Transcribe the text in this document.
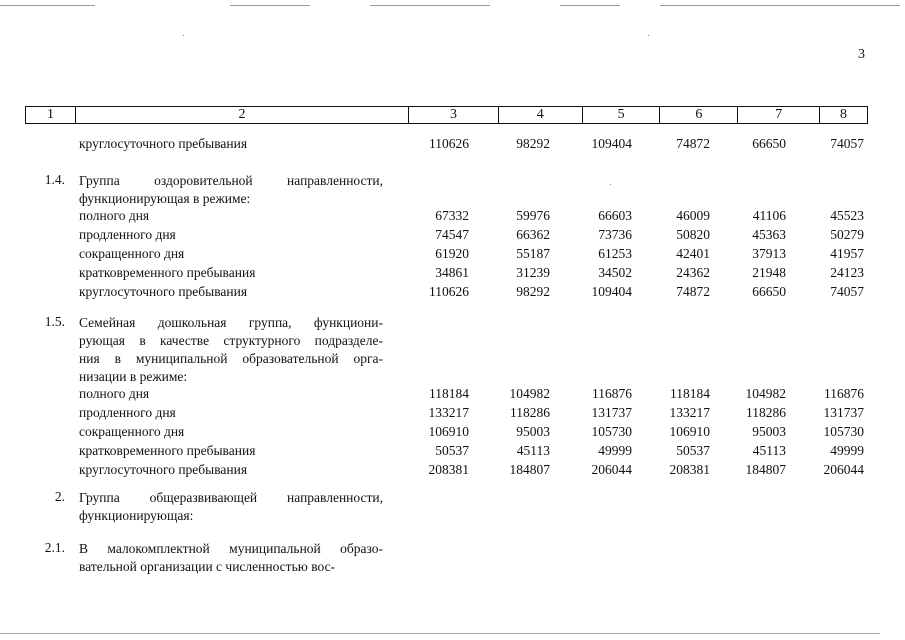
3
1	2	3	4	5	6	7	8
круглосуточного пребывания	110626	98292	109404	74872	66650	74057
1.4. Группа оздоровительной направленности,
функционирующая в режиме:
полного дня	67332	59976	66603	46009	41106	45523
продленного дня	74547	66362	73736	50820	45363	50279
сокращенного дня	61920	55187	61253	42401	37913	41957
кратковременного пребывания	34861	31239	34502	24362	21948	24123
круглосуточного пребывания	110626	98292	109404	74872	66650	74057
1.5. Семейная дошкольная группа, функциони-
рующая в качестве структурного подразделе-
ния в муниципальной образовательной орга-
низации в режиме:
полного дня	118184	104982	116876	118184	104982	116876
продленного дня	133217	118286	131737	133217	118286	131737
сокращенного дня	106910	95003	105730	106910	95003	105730
кратковременного пребывания	50537	45113	49999	50537	45113	49999
круглосуточного пребывания	208381	184807	206044	208381	184807	206044
2. Группа общеразвивающей направленности,
функционирующая:
2.1. В малокомплектной муниципальной образо-
вательной организации с численностью вос-
